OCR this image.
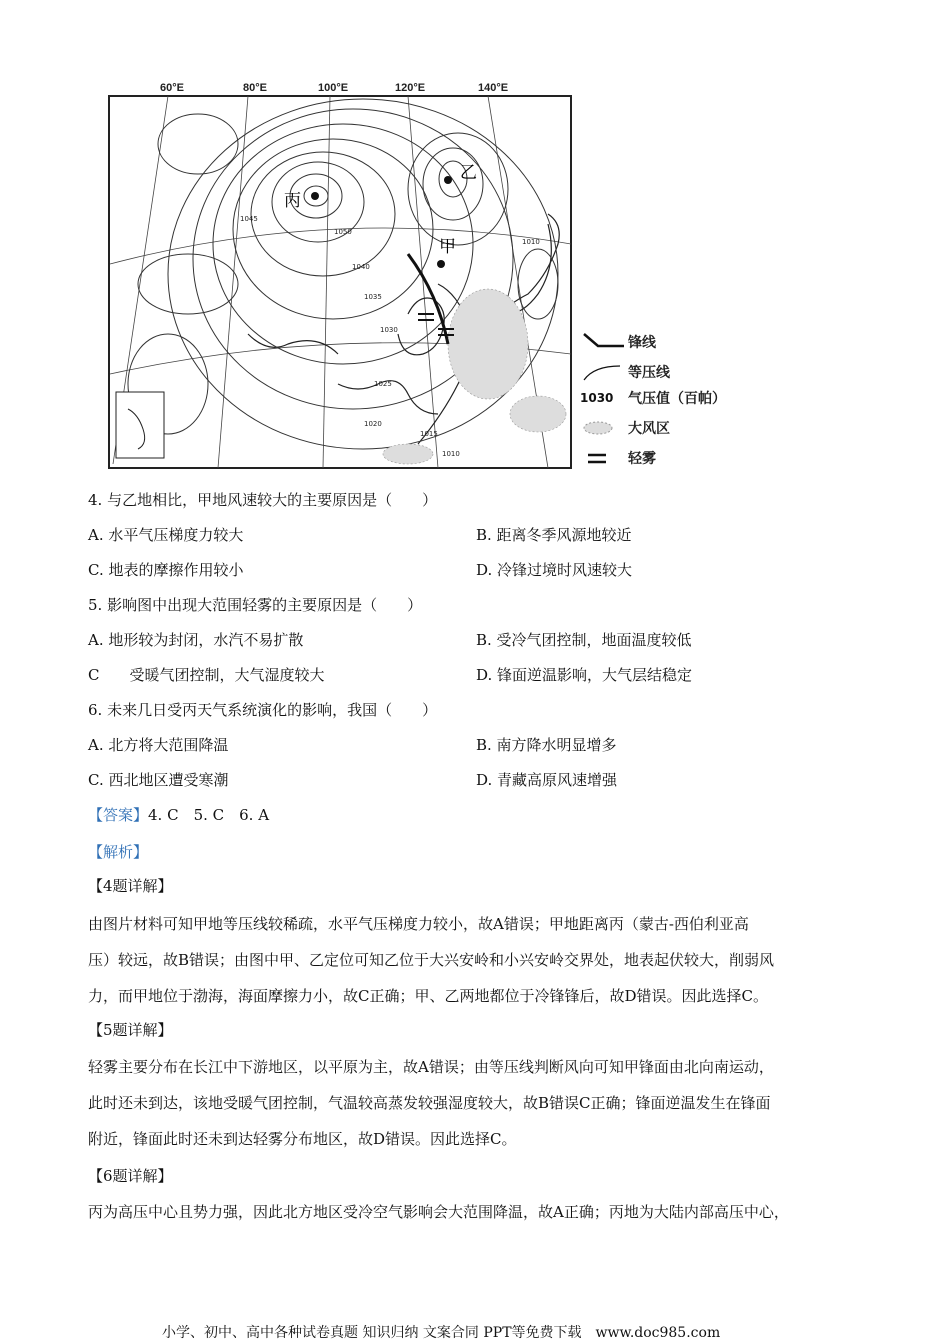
60°E	80°E	100°E	120°E	140°E
丙
甲
乙
1045
1050
1040
1035
1030
1025
1020
1015
1010
1010
锋线
等压线
1030	气压值（百帕）
大风区
轻雾
4. 与乙地相比，甲地风速较大的主要原因是（　　）
A. 水平气压梯度力较大	B. 距离冬季风源地较近
C. 地表的摩擦作用较小	D. 冷锋过境时风速较大
5. 影响图中出现大范围轻雾的主要原因是（　　）
A. 地形较为封闭，水汽不易扩散	B. 受冷气团控制，地面温度较低
C　　受暖气团控制，大气湿度较大	D. 锋面逆温影响，大气层结稳定
6. 未来几日受丙天气系统演化的影响，我国（　　）
A. 北方将大范围降温	B. 南方降水明显增多
C. 西北地区遭受寒潮	D. 青藏高原风速增强
【答案】4. C　5. C　6. A
【解析】
【4题详解】
由图片材料可知甲地等压线较稀疏，水平气压梯度力较小，故A错误；甲地距离丙（蒙古-西伯利亚高
压）较远，故B错误；由图中甲、乙定位可知乙位于大兴安岭和小兴安岭交界处，地表起伏较大，削弱风
力，而甲地位于渤海，海面摩擦力小，故C正确；甲、乙两地都位于冷锋锋后，故D错误。因此选择C。
【5题详解】
轻雾主要分布在长江中下游地区，以平原为主，故A错误；由等压线判断风向可知甲锋面由北向南运动，
此时还未到达，该地受暖气团控制，气温较高蒸发较强湿度较大，故B错误C正确；锋面逆温发生在锋面
附近，锋面此时还未到达轻雾分布地区，故D错误。因此选择C。
【6题详解】
丙为高压中心且势力强，因此北方地区受冷空气影响会大范围降温，故A正确；丙地为大陆内部高压中心，
小学、初中、高中各种试卷真题 知识归纳 文案合同 PPT等免费下载　www.doc985.com
